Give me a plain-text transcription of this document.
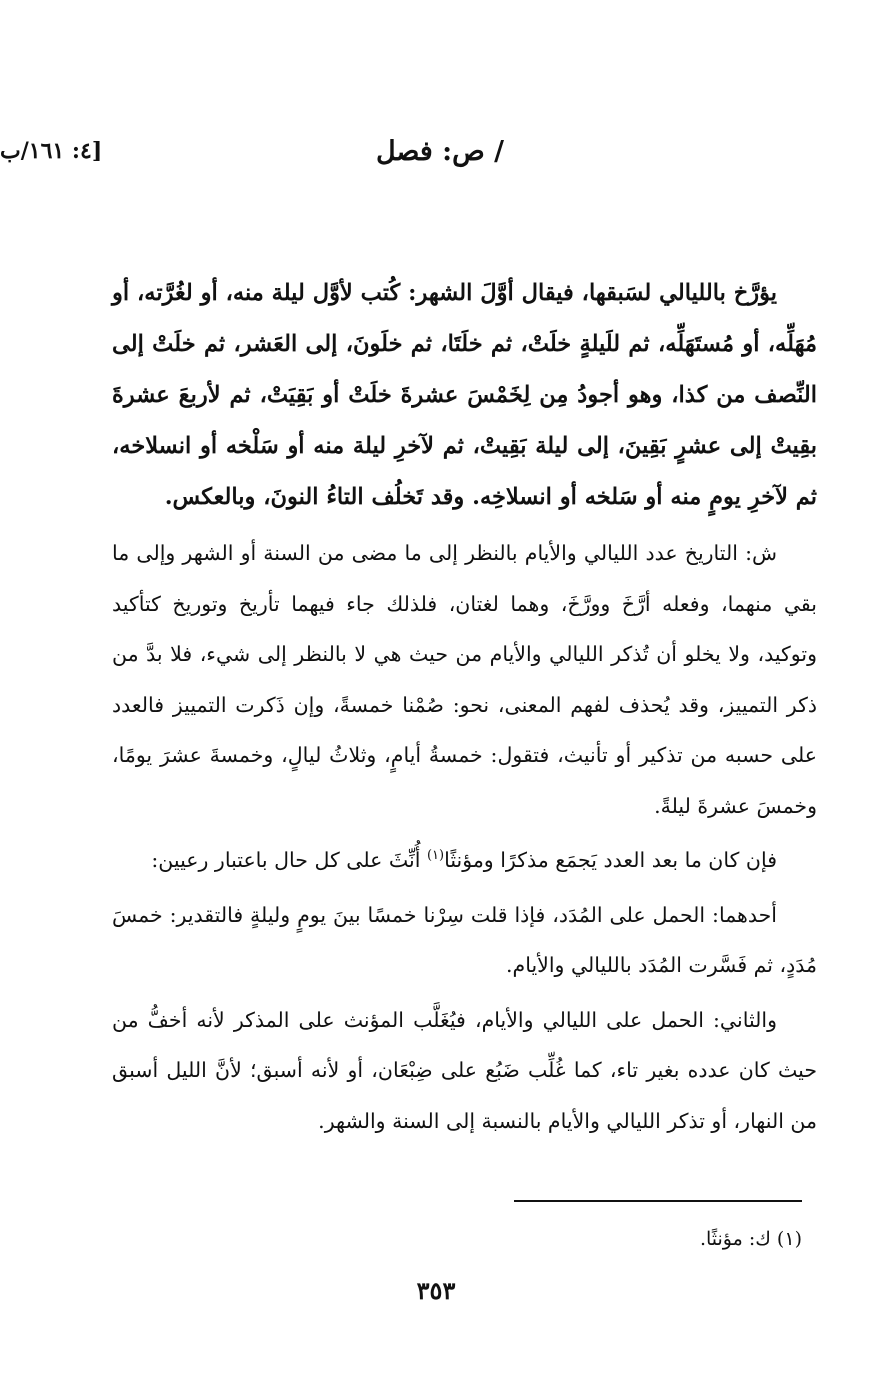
[٤: ١٦١/ب	/ ص: فصل

يؤرَّخ بالليالي لسَبقها، فيقال أوَّلَ الشهر: كُتب لأوَّل ليلة منه، أو لغُرَّته، أو مُهَلِّه، أو مُستَهَلِّه، ثم للَيلةٍ خلَتْ، ثم خلَتَا، ثم خلَونَ، إلى العَشر، ثم خلَتْ إلى النِّصف من كذا، وهو أجودُ مِن لِخَمْسَ عشرةَ خلَتْ أو بَقِيَتْ، ثم لأربعَ عشرةَ بقِيتْ إلى عشرٍ بَقِينَ، إلى ليلة بَقِيتْ، ثم لآخرِ ليلة منه أو سَلْخه أو انسلاخه، ثم لآخرِ يومٍ منه أو سَلخه أو انسلاخِه. وقد تَخلُف التاءُ النونَ، وبالعكس.

ش: التاريخ عدد الليالي والأيام بالنظر إلى ما مضى من السنة أو الشهر وإلى ما بقي منهما، وفعله أرَّخَ وورَّخَ، وهما لغتان، فلذلك جاء فيهما تأريخ وتوريخ كتأكيد وتوكيد، ولا يخلو أن تُذكر الليالي والأيام من حيث هي لا بالنظر إلى شيء، فلا بدَّ من ذكر التمييز، وقد يُحذف لفهم المعنى، نحو: صُمْنا خمسةً، وإن ذَكرت التمييز فالعدد على حسبه من تذكير أو تأنيث، فتقول: خمسةُ أيامٍ، وثلاثُ ليالٍ، وخمسةَ عشرَ يومًا، وخمسَ عشرةَ ليلةً.

فإن كان ما بعد العدد يَجمَع مذكرًا ومؤنثًا$^{(١)}$ أُنِّثَ على كل حال باعتبار رعيين:

أحدهما: الحمل على المُدَد، فإذا قلت سِرْنا خمسًا بينَ يومٍ وليلةٍ فالتقدير: خمسَ مُدَدٍ، ثم فَسَّرت المُدَد بالليالي والأيام.

والثاني: الحمل على الليالي والأيام، فيُغَلَّب المؤنث على المذكر لأنه أخفُّ من حيث كان عدده بغير تاء، كما غُلِّب ضَبُع على ضِبْعَان، أو لأنه أسبق؛ لأنَّ الليل أسبق من النهار، أو تذكر الليالي والأيام بالنسبة إلى السنة والشهر.

(١) ك: مؤنثًا.
٣٥٣
